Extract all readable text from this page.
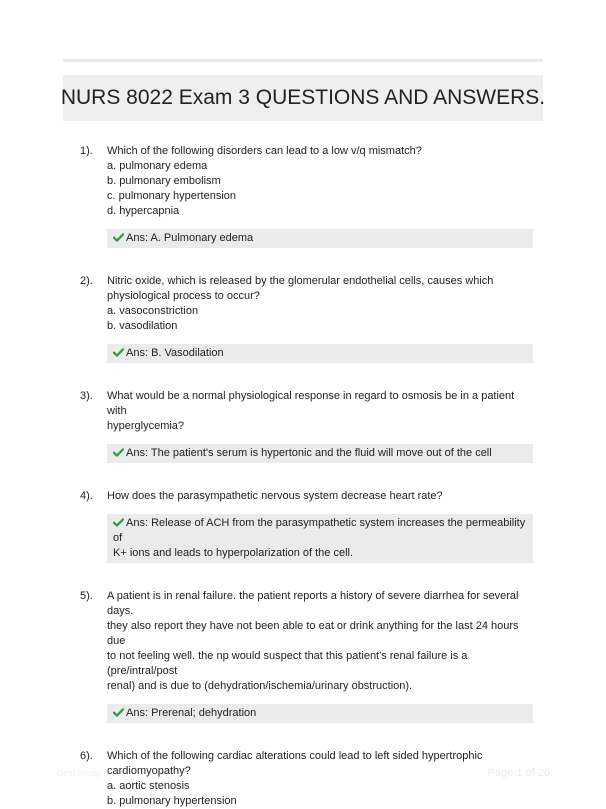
NURS 8022 Exam 3 QUESTIONS AND ANSWERS.
1). Which of the following disorders can lead to a low v/q mismatch?
a. pulmonary edema
b. pulmonary embolism
c. pulmonary hypertension
d. hypercapnia
Ans: A. Pulmonary edema
2). Nitric oxide, which is released by the glomerular endothelial cells, causes which
physiological process to occur?
a. vasoconstriction
b. vasodilation
Ans: B. Vasodilation
3). What would be a normal physiological response in regard to osmosis be in a patient with
hyperglycemia?
Ans: The patient's serum is hypertonic and the fluid will move out of the cell
4). How does the parasympathetic nervous system decrease heart rate?
Ans: Release of ACH from the parasympathetic system increases the permeability of
K+ ions and leads to hyperpolarization of the cell.
5). A patient is in renal failure. the patient reports a history of severe diarrhea for several days.
they also report they have not been able to eat or drink anything for the last 24 hours due
to not feeling well. the np would suspect that this patient's renal failure is a (pre/intral/post
renal) and is due to (dehydration/ischemia/urinary obstruction).
Ans: Prerenal; dehydration
6). Which of the following cardiac alterations could lead to left sided hypertrophic
cardiomyopathy?
a. aortic stenosis
b. pulmonary hypertension
Best Study	Page 1 of 26
